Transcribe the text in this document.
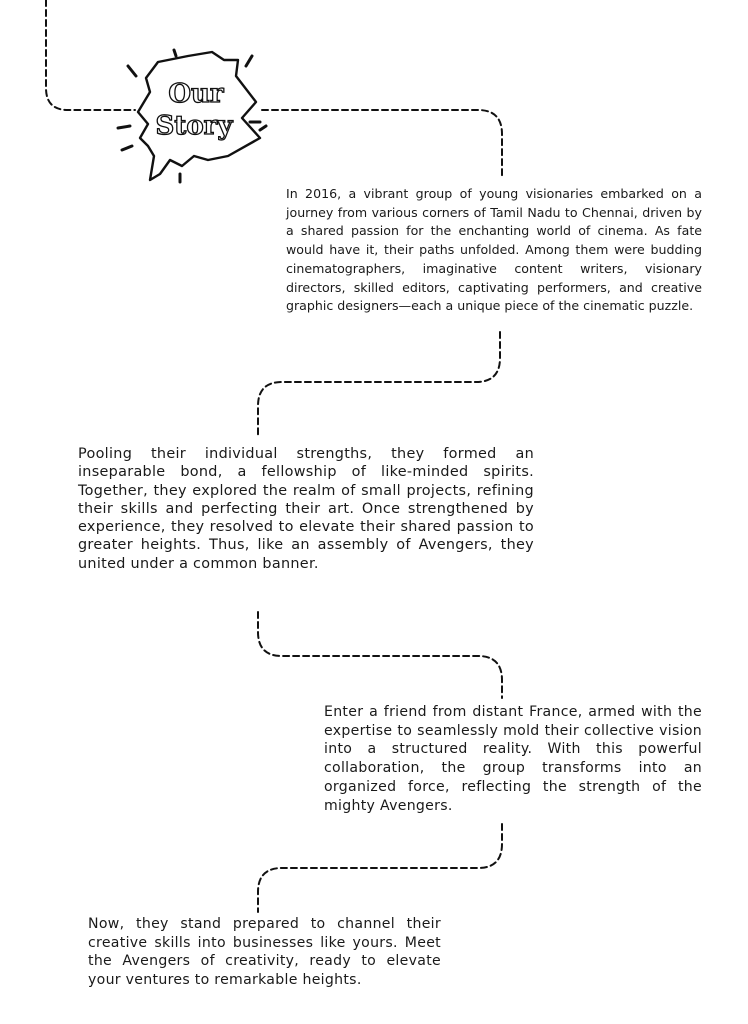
Our
Story

In 2016, a vibrant group of young visionaries embarked on a journey from various corners of Tamil Nadu to Chennai, driven by a shared passion for the enchanting world of cinema. As fate would have it, their paths unfolded. Among them were budding cinematographers, imaginative content writers, visionary directors, skilled editors, captivating performers, and creative graphic designers—each a unique piece of the cinematic puzzle.

Pooling their individual strengths, they formed an inseparable bond, a fellowship of like-minded spirits. Together, they explored the realm of small projects, refining their skills and perfecting their art. Once strengthened by experience, they resolved to elevate their shared passion to greater heights. Thus, like an assembly of Avengers, they united under a common banner.

Enter a friend from distant France, armed with the expertise to seamlessly mold their collective vision into a structured reality. With this powerful collaboration, the group transforms into an organized force, reflecting the strength of the mighty Avengers.

Now, they stand prepared to channel their creative skills into businesses like yours. Meet the Avengers of creativity, ready to elevate your ventures to remarkable heights.
